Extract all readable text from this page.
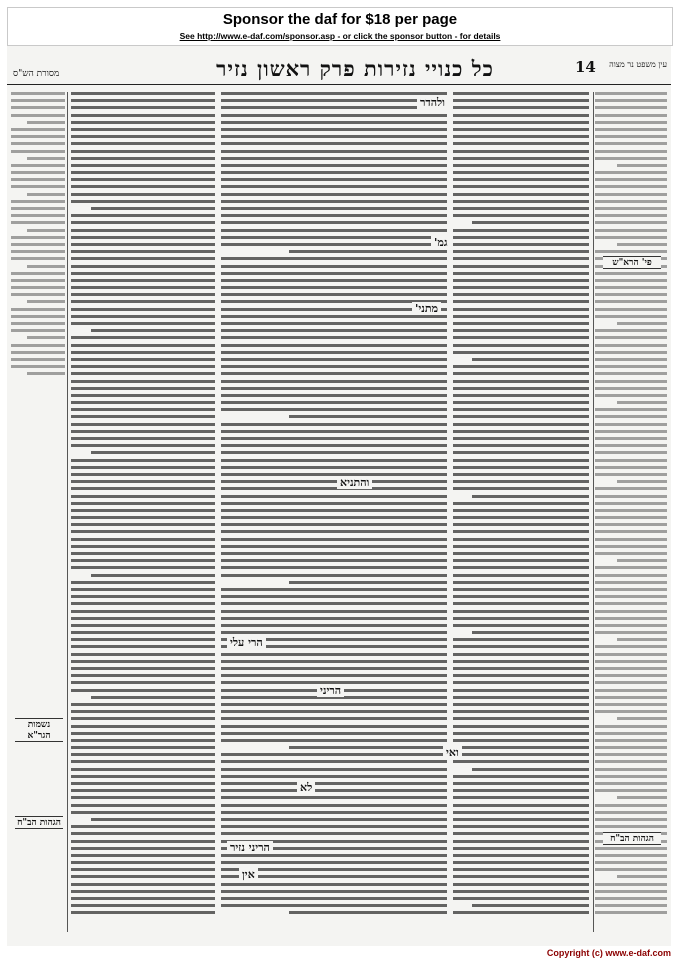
Sponsor the daf for $18 per page
See http://www.e-daf.com/sponsor.asp - or click the sponsor button - for details
מסורת הש"ס	כל כנויי נזירות פרק ראשון נזיר	14	עין משפט נר מצוה
פי' הרא"ש
נשמות הגר"א
הגהות הב"ח
הגהות הב"ח
ולהדר
מתני'
גמ'
והתניא
הרי עלי
ואי
הריני
לא
אין
הריני נזיר
Copyright (c) www.e-daf.com
